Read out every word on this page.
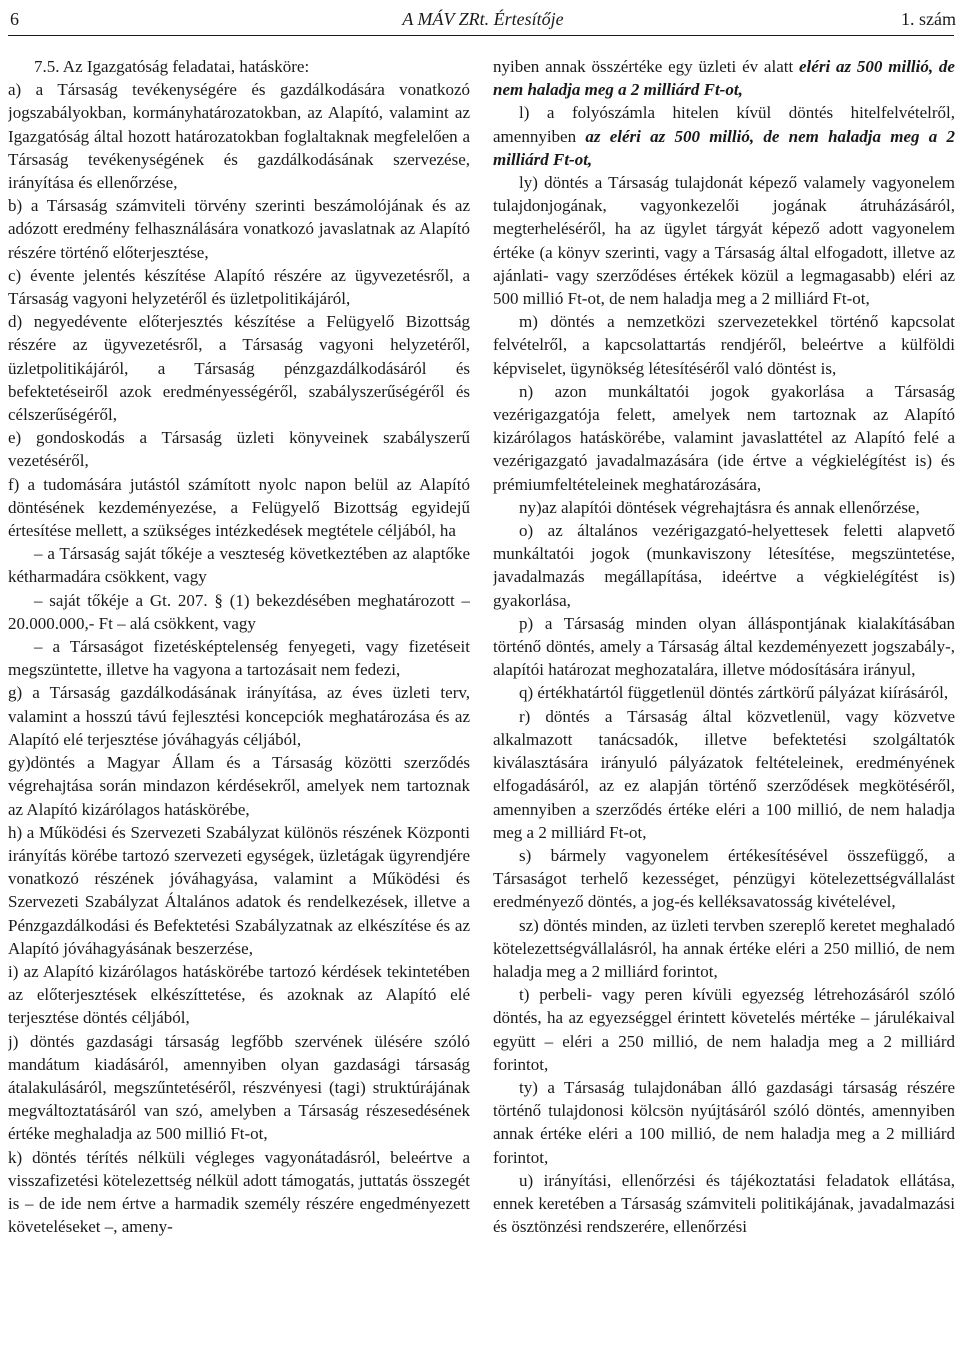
6	A MÁV ZRt. Értesítője	1. szám

7.5. Az Igazgatóság feladatai, hatásköre:

a) a Társaság tevékenységére és gazdálkodására vonatkozó jogszabályokban, kormányhatározatokban, az Alapító, valamint az Igazgatóság által hozott határozatokban foglaltaknak megfelelően a Társaság tevékenységének és gazdálkodásának szervezése, irányítása és ellenőrzése,

b) a Társaság számviteli törvény szerinti beszámolójának és az adózott eredmény felhasználására vonatkozó javaslatnak az Alapító részére történő előterjesztése,

c) évente jelentés készítése Alapító részére az ügyvezetésről, a Társaság vagyoni helyzetéről és üzletpolitikájáról,

d) negyedévente előterjesztés készítése a Felügyelő Bizottság részére az ügyvezetésről, a Társaság vagyoni helyzetéről, üzletpolitikájáról, a Társaság pénzgazdálkodásáról és befektetéseiről azok eredményességéről, szabályszerűségéről és célszerűségéről,

e) gondoskodás a Társaság üzleti könyveinek szabályszerű vezetéséről,

f) a tudomására jutástól számított nyolc napon belül az Alapító döntésének kezdeményezése, a Felügyelő Bizottság egyidejű értesítése mellett, a szükséges intézkedések megtétele céljából, ha

– a Társaság saját tőkéje a veszteség következtében az alaptőke kétharmadára csökkent, vagy

– saját tőkéje a Gt. 207. § (1) bekezdésében meghatározott – 20.000.000,- Ft – alá csökkent, vagy

– a Társaságot fizetésképtelenség fenyegeti, vagy fizetéseit megszüntette, illetve ha vagyona a tartozásait nem fedezi,

g) a Társaság gazdálkodásának irányítása, az éves üzleti terv, valamint a hosszú távú fejlesztési koncepciók meghatározása és az Alapító elé terjesztése jóváhagyás céljából,

gy)döntés a Magyar Állam és a Társaság közötti szerződés végrehajtása során mindazon kérdésekről, amelyek nem tartoznak az Alapító kizárólagos hatáskörébe,

h) a Működési és Szervezeti Szabályzat különös részének Központi irányítás körébe tartozó szervezeti egységek, üzletágak ügyrendjére vonatkozó részének jóváhagyása, valamint a Működési és Szervezeti Szabályzat Általános adatok és rendelkezések, illetve a Pénzgazdálkodási és Befektetési Szabályzatnak az elkészítése és az Alapító jóváhagyásának beszerzése,

i) az Alapító kizárólagos hatáskörébe tartozó kérdések tekintetében az előterjesztések elkészíttetése, és azoknak az Alapító elé terjesztése döntés céljából,

j) döntés gazdasági társaság legfőbb szervének ülésére szóló mandátum kiadásáról, amennyiben olyan gazdasági társaság átalakulásáról, megszűntetéséről, részvényesi (tagi) struktúrájának megváltoztatásáról van szó, amelyben a Társaság részesedésének értéke meghaladja az 500 millió Ft-ot,

k) döntés térítés nélküli végleges vagyonátadásról, beleértve a visszafizetési kötelezettség nélkül adott támogatás, juttatás összegét is – de ide nem értve a harmadik személy részére engedményezett követeléseket –, ameny-

nyiben annak összértéke egy üzleti év alatt eléri az 500 millió, de nem haladja meg a 2 milliárd Ft-ot,

l) a folyószámla hitelen kívül döntés hitelfelvételről, amennyiben az eléri az 500 millió, de nem haladja meg a 2 milliárd Ft-ot,

ly) döntés a Társaság tulajdonát képező valamely vagyonelem tulajdonjogának, vagyonkezelői jogának átruházásáról, megterheléséről, ha az ügylet tárgyát képező adott vagyonelem értéke (a könyv szerinti, vagy a Társaság által elfogadott, illetve az ajánlati- vagy szerződéses értékek közül a legmagasabb) eléri az 500 millió Ft-ot, de nem haladja meg a 2 milliárd Ft-ot,

m) döntés a nemzetközi szervezetekkel történő kapcsolat felvételről, a kapcsolattartás rendjéről, beleértve a külföldi képviselet, ügynökség létesítéséről való döntést is,

n) azon munkáltatói jogok gyakorlása a Társaság vezérigazgatója felett, amelyek nem tartoznak az Alapító kizárólagos hatáskörébe, valamint javaslattétel az Alapító felé a vezérigazgató javadalmazására (ide értve a végkielégítést is) és prémiumfeltételeinek meghatározására,

ny)az alapítói döntések végrehajtásra és annak ellenőrzése,

o) az általános vezérigazgató-helyettesek feletti alapvető munkáltatói jogok (munkaviszony létesítése, megszüntetése, javadalmazás megállapítása, ideértve a végkielégítést is) gyakorlása,

p) a Társaság minden olyan álláspontjának kialakításában történő döntés, amely a Társaság által kezdeményezett jogszabály-, alapítói határozat meghozatalára, illetve módosítására irányul,

q) értékhatártól függetlenül döntés zártkörű pályázat kiírásáról,

r) döntés a Társaság által közvetlenül, vagy közvetve alkalmazott tanácsadók, illetve befektetési szolgáltatók kiválasztására irányuló pályázatok feltételeinek, eredményének elfogadásáról, az ez alapján történő szerződések megkötéséről, amennyiben a szerződés értéke eléri a 100 millió, de nem haladja meg a 2 milliárd Ft-ot,

s) bármely vagyonelem értékesítésével összefüggő, a Társaságot terhelő kezességet, pénzügyi kötelezettségvállalást eredményező döntés, a jog-és kelléksavatosság kivételével,

sz) döntés minden, az üzleti tervben szereplő keretet meghaladó kötelezettségvállalásról, ha annak értéke eléri a 250 millió, de nem haladja meg a 2 milliárd forintot,

t) perbeli- vagy peren kívüli egyezség létrehozásáról szóló döntés, ha az egyezséggel érintett követelés mértéke – járulékaival együtt – eléri a 250 millió, de nem haladja meg a 2 milliárd forintot,

ty) a Társaság tulajdonában álló gazdasági társaság részére történő tulajdonosi kölcsön nyújtásáról szóló döntés, amennyiben annak értéke eléri a 100 millió, de nem haladja meg a 2 milliárd forintot,

u) irányítási, ellenőrzési és tájékoztatási feladatok ellátása, ennek keretében a Társaság számviteli politikájának, javadalmazási és ösztönzési rendszerére, ellenőrzési
